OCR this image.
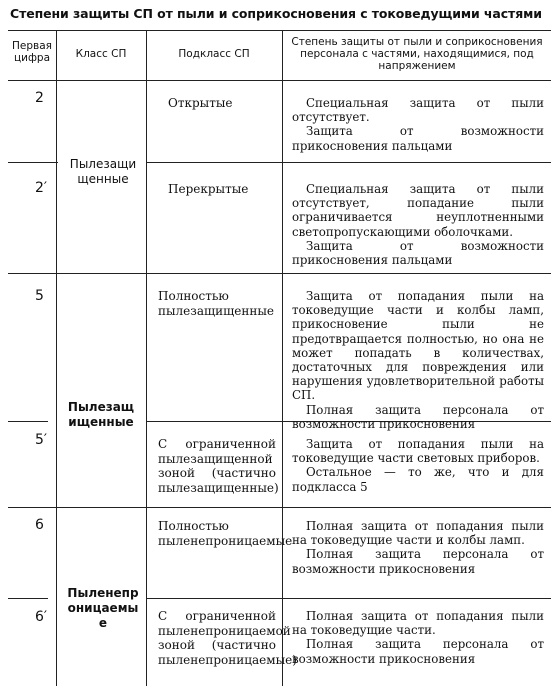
Степени защиты СП от пыли и соприкосновения с токоведущими частями
Первая цифра	Класс СП	Подкласс СП
Степень защиты от пыли и соприкосновения персонала с частями, находящимися, под напряжением
2
2′
5
5′
6
6′
Пылезащищенные
Пылезащищенные
Пыленепроницаемые
Открытые
Перекрытые
Полностью пылезащищенные
С ограниченной пылезащищенной зоной (частично пылезащищенные)
Полностью пыленепроницаемые
С ограниченной пыленепроницаемой зоной (частично пыленепроницаемые)

Специальная защита от пыли отсутствует.

Защита от возможности прикосновения пальцами

Специальная защита от пыли отсутствует, попадание пыли ограничивается неуплотненными светопропускающими оболочками.

Защита от возможности прикосновения пальцами

Защита от попадания пыли на токоведущие части и колбы ламп, прикосновение пыли не предотвращается полностью, но она не может попадать в количествах, достаточных для повреждения или нарушения удовлетворительной работы СП.

Полная защита персонала от возможности прикосновения

Защита от попадания пыли на токоведущие части световых приборов.

Остальное — то же, что и для подкласса 5

Полная защита от попадания пыли на токоведущие части и колбы ламп.

Полная защита персонала от возможности прикосновения

Полная защита от попадания пыли на токоведущие части.

Полная защита персонала от возможности прикосновения
